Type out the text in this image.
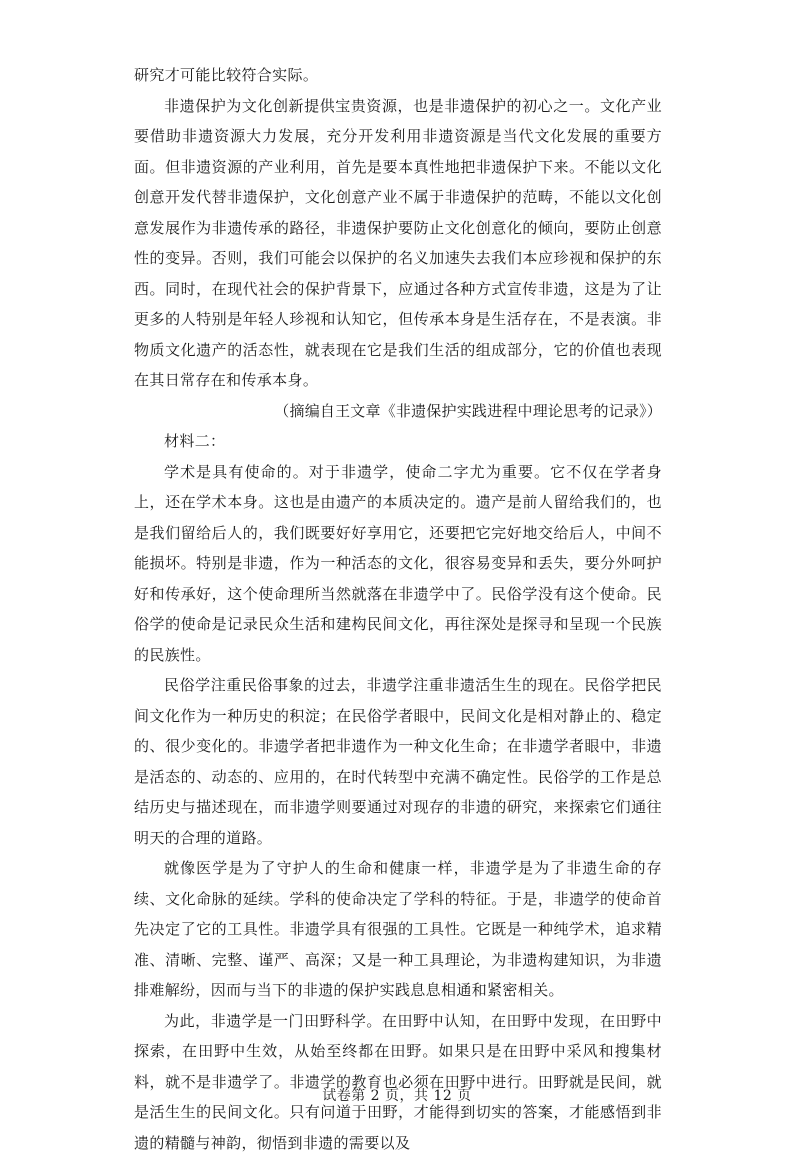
研究才可能比较符合实际。

非遗保护为文化创新提供宝贵资源，也是非遗保护的初心之一。文化产业要借助非遗资源大力发展，充分开发利用非遗资源是当代文化发展的重要方面。但非遗资源的产业利用，首先是要本真性地把非遗保护下来。不能以文化创意开发代替非遗保护，文化创意产业不属于非遗保护的范畴，不能以文化创意发展作为非遗传承的路径，非遗保护要防止文化创意化的倾向，要防止创意性的变异。否则，我们可能会以保护的名义加速失去我们本应珍视和保护的东西。同时，在现代社会的保护背景下，应通过各种方式宣传非遗，这是为了让更多的人特别是年轻人珍视和认知它，但传承本身是生活存在，不是表演。非物质文化遗产的活态性，就表现在它是我们生活的组成部分，它的价值也表现在其日常存在和传承本身。

（摘编自王文章《非遗保护实践进程中理论思考的记录》）

材料二：

学术是具有使命的。对于非遗学，使命二字尤为重要。它不仅在学者身上，还在学术本身。这也是由遗产的本质决定的。遗产是前人留给我们的，也是我们留给后人的，我们既要好好享用它，还要把它完好地交给后人，中间不能损坏。特别是非遗，作为一种活态的文化，很容易变异和丢失，要分外呵护好和传承好，这个使命理所当然就落在非遗学中了。民俗学没有这个使命。民俗学的使命是记录民众生活和建构民间文化，再往深处是探寻和呈现一个民族的民族性。

民俗学注重民俗事象的过去，非遗学注重非遗活生生的现在。民俗学把民间文化作为一种历史的积淀；在民俗学者眼中，民间文化是相对静止的、稳定的、很少变化的。非遗学者把非遗作为一种文化生命；在非遗学者眼中，非遗是活态的、动态的、应用的，在时代转型中充满不确定性。民俗学的工作是总结历史与描述现在，而非遗学则要通过对现存的非遗的研究，来探索它们通往明天的合理的道路。

就像医学是为了守护人的生命和健康一样，非遗学是为了非遗生命的存续、文化命脉的延续。学科的使命决定了学科的特征。于是，非遗学的使命首先决定了它的工具性。非遗学具有很强的工具性。它既是一种纯学术，追求精准、清晰、完整、谨严、高深；又是一种工具理论，为非遗构建知识，为非遗排难解纷，因而与当下的非遗的保护实践息息相通和紧密相关。

为此，非遗学是一门田野科学。在田野中认知，在田野中发现，在田野中探索，在田野中生效，从始至终都在田野。如果只是在田野中采风和搜集材料，就不是非遗学了。非遗学的教育也必须在田野中进行。田野就是民间，就是活生生的民间文化。只有问道于田野，才能得到切实的答案，才能感悟到非遗的精髓与神韵，彻悟到非遗的需要以及

试卷第 2 页，共 12 页
